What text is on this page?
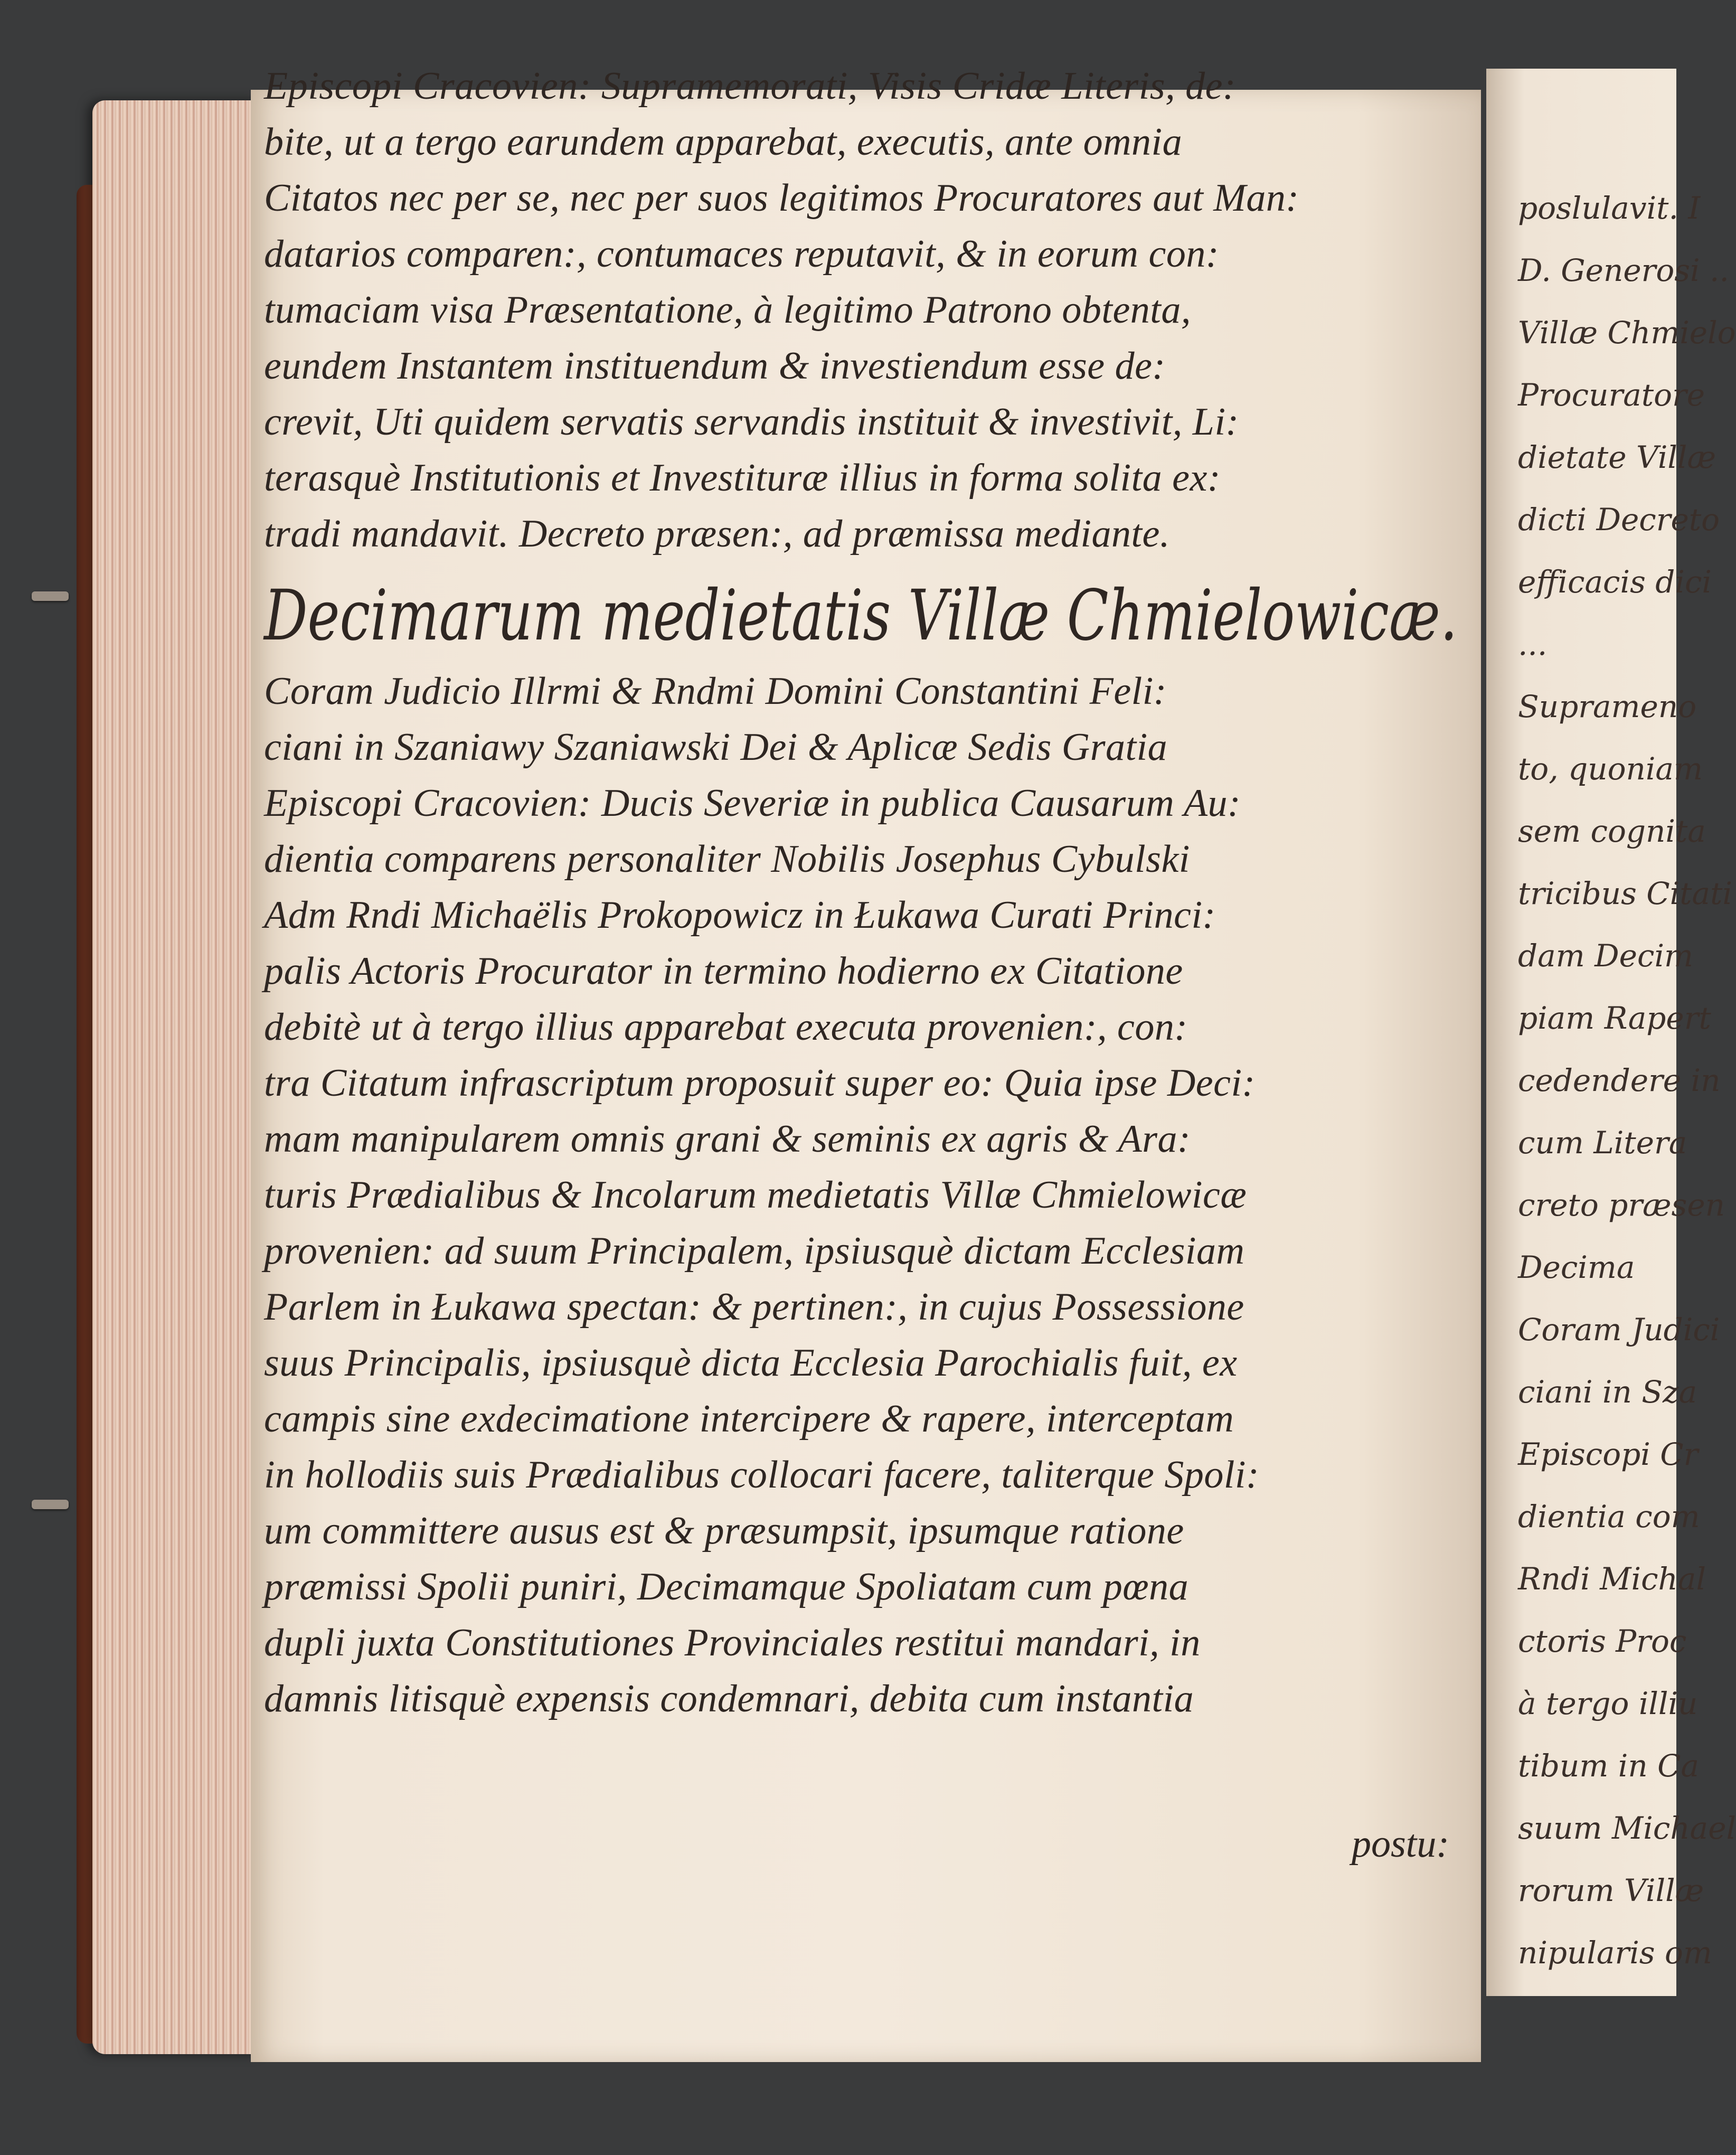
poslulavit. I
D. Generosi ..
Villæ Chmielo
Procuratore
dietate Villæ
dicti Decreto
efficacis dici
...
Suprameno
to, quoniam
sem cognita
tricibus Citati
dam Decim
piam Rapert
cedendere in
cum Litera
creto præsen
Decima
Coram Judici
ciani in Sza
Episcopi Cr
dientia com
Rndi Michal
ctoris Proc
à tergo illiu
tibum in Ca
suum Michael
rorum Villæ
nipularis om
Episcopi Cracovien: Supramemorati, Visis Cridæ Literis, de:
bite, ut a tergo earundem apparebat, executis, ante omnia
Citatos nec per se, nec per suos legitimos Procuratores aut Man:
datarios comparen:, contumaces reputavit, & in eorum con:
tumaciam visa Præsentatione, à legitimo Patrono obtenta,
eundem Instantem instituendum & investiendum esse de:
crevit, Uti quidem servatis servandis instituit & investivit, Li:
terasquè Institutionis et Investituræ illius in forma solita ex:
tradi mandavit. Decreto præsen:, ad præmissa mediante.
Decimarum medietatis Villæ Chmielowicæ.
Coram Judicio Illrmi & Rndmi Domini Constantini Feli:
ciani in Szaniawy Szaniawski Dei & Aplicæ Sedis Gratia
Episcopi Cracovien: Ducis Severiæ in publica Causarum Au:
dientia comparens personaliter Nobilis Josephus Cybulski
Adm Rndi Michaëlis Prokopowicz in Łukawa Curati Princi:
palis Actoris Procurator in termino hodierno ex Citatione
debitè ut à tergo illius apparebat executa provenien:, con:
tra Citatum infrascriptum proposuit super eo: Quia ipse Deci:
mam manipularem omnis grani & seminis ex agris & Ara:
turis Prædialibus & Incolarum medietatis Villæ Chmielowicæ
provenien: ad suum Principalem, ipsiusquè dictam Ecclesiam
Parlem in Łukawa spectan: & pertinen:, in cujus Possessione
suus Principalis, ipsiusquè dicta Ecclesia Parochialis fuit, ex
campis sine exdecimatione intercipere & rapere, interceptam
in hollodiis suis Prædialibus collocari facere, taliterque Spoli:
um committere ausus est & præsumpsit, ipsumque ratione
præmissi Spolii puniri, Decimamque Spoliatam cum pœna
dupli juxta Constitutiones Provinciales restitui mandari, in
damnis litisquè expensis condemnari, debita cum instantia
postu:
